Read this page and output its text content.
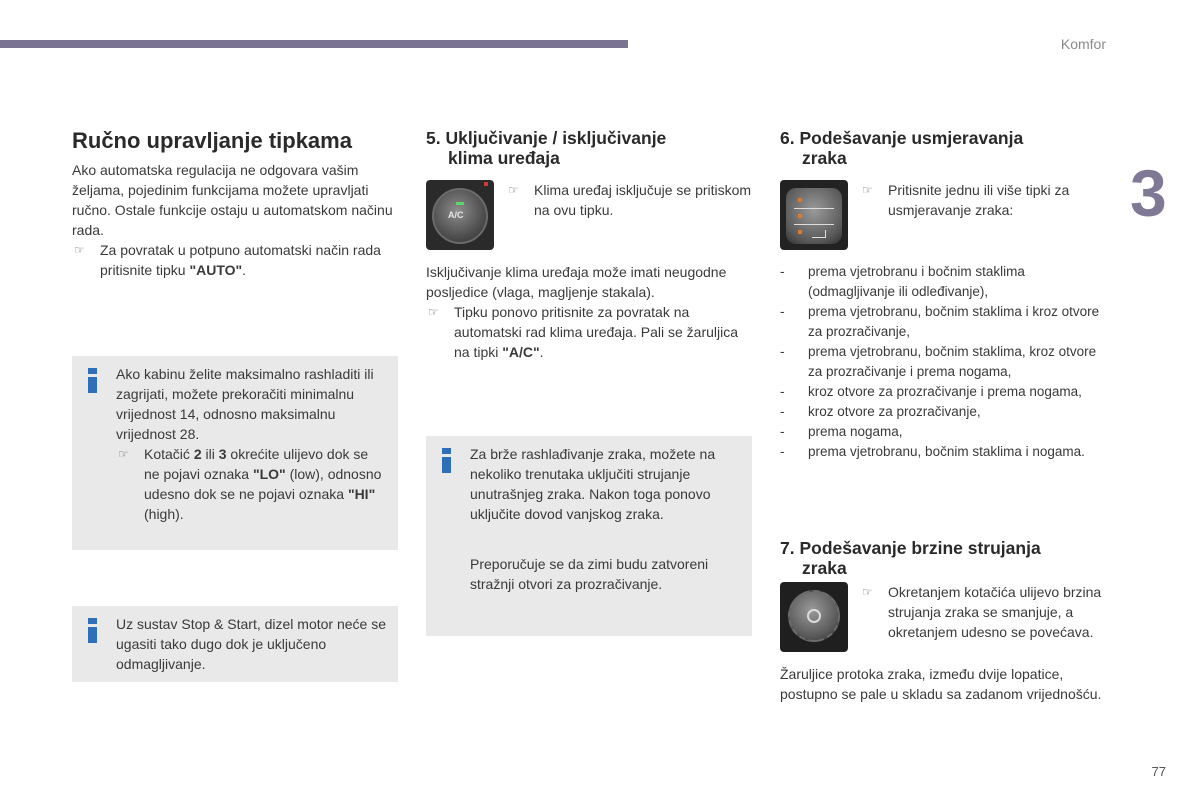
Komfor
3
77
Ručno upravljanje tipkama
Ako automatska regulacija ne odgovara vašim željama, pojedinim funkcijama možete upravljati ručno. Ostale funkcije ostaju u automatskom načinu rada.
☞	Za povratak u potpuno automatski način rada pritisnite tipku "AUTO".
Ako kabinu želite maksimalno rashladiti ili zagrijati, možete prekoračiti minimalnu vrijednost 14, odnosno maksimalnu vrijednost 28.
☞	Kotačić 2 ili 3 okrećite ulijevo dok se ne pojavi oznaka "LO" (low), odnosno udesno dok se ne pojavi oznaka "HI" (high).
Uz sustav Stop & Start, dizel motor neće se ugasiti tako dugo dok je uključeno odmagljivanje.
5.
Uključivanje / isključivanje
klima uređaja
A/C
☞	Klima uređaj isključuje se pritiskom na ovu tipku.
Isključivanje klima uređaja može imati neugodne posljedice (vlaga, magljenje stakala).
☞	Tipku ponovo pritisnite za povratak na automatski rad klima uređaja. Pali se žaruljica na tipki "A/C".
Za brže rashlađivanje zraka, možete na nekoliko trenutaka uključiti strujanje unutrašnjeg zraka. Nakon toga ponovo uključite dovod vanjskog zraka.
Preporučuje se da zimi budu zatvoreni stražnji otvori za prozračivanje.
6.
Podešavanje usmjeravanja
zraka
☞	Pritisnite jednu ili više tipki za usmjeravanje zraka:
-	prema vjetrobranu i bočnim staklima (odmagljivanje ili odleđivanje),
-	prema vjetrobranu, bočnim staklima i kroz otvore za prozračivanje,
-	prema vjetrobranu, bočnim staklima, kroz otvore za prozračivanje i prema nogama,
-	kroz otvore za prozračivanje i prema nogama,
-	kroz otvore za prozračivanje,
-	prema nogama,
-	prema vjetrobranu, bočnim staklima i nogama.
7.
Podešavanje brzine strujanja
zraka
☞	Okretanjem kotačića ulijevo brzina strujanja zraka se smanjuje, a okretanjem udesno se povećava.
Žaruljice protoka zraka, između dvije lopatice, postupno se pale u skladu sa zadanom vrijednošću.
